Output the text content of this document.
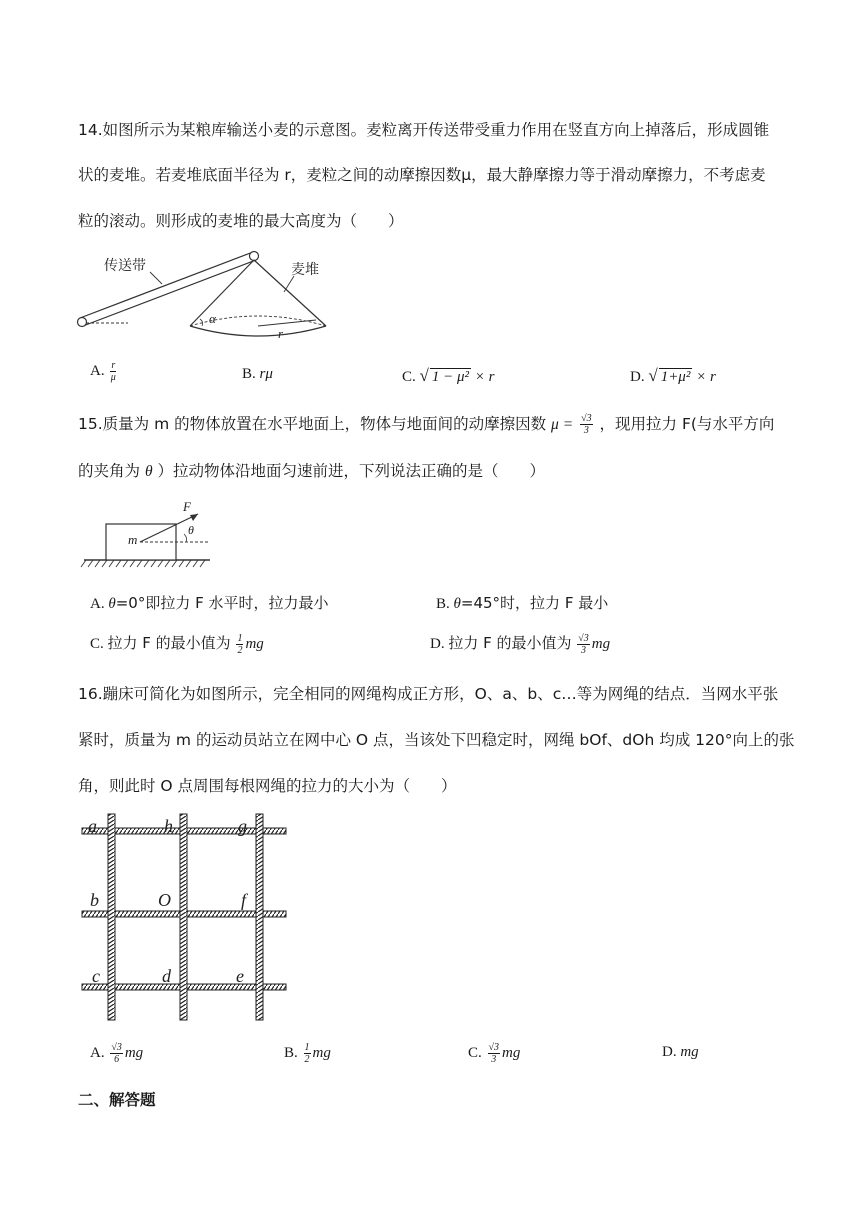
14.如图所示为某粮库输送小麦的示意图。麦粒离开传送带受重力作用在竖直方向上掉落后，形成圆锥
状的麦堆。若麦堆底面半径为 r，麦粒之间的动摩擦因数μ，最大静摩擦力等于滑动摩擦力，不考虑麦
粒的滚动。则形成的麦堆的最大高度为（　　）
传送带
α
r
麦堆
A. $\frac{r}{\mu}$	B. rμ	C. √ 1 − μ² × r	D. √ 1+μ² × r
15.质量为 m 的物体放置在水平地面上，物体与地面间的动摩擦因数 $\mu = \frac{√3}{3}$ ，现用拉力 F(与水平方向
的夹角为 θ ）拉动物体沿地面匀速前进，下列说法正确的是（　　）
m
F
θ
A. θ=0°即拉力 F 水平时，拉力最小	B. θ=45°时，拉力 F 最小
C. 拉力 F 的最小值为 $\frac{1}{2}$ mg	D. 拉力 F 的最小值为 $\frac{√3}{3}$ mg
16.蹦床可简化为如图所示，完全相同的网绳构成正方形，O、a、b、c…等为网绳的结点．当网水平张
紧时，质量为 m 的运动员站立在网中心 O 点，当该处下凹稳定时，网绳 bOf、dOh 均成 120°向上的张
角，则此时 O 点周围每根网绳的拉力的大小为（　　）
a	h	g
b	O	f
c	d	e
A. $\frac{√3}{6}$ mg	B. $\frac{1}{2}$ mg	C. $\frac{√3}{3}$ mg	D. mg
二、解答题
